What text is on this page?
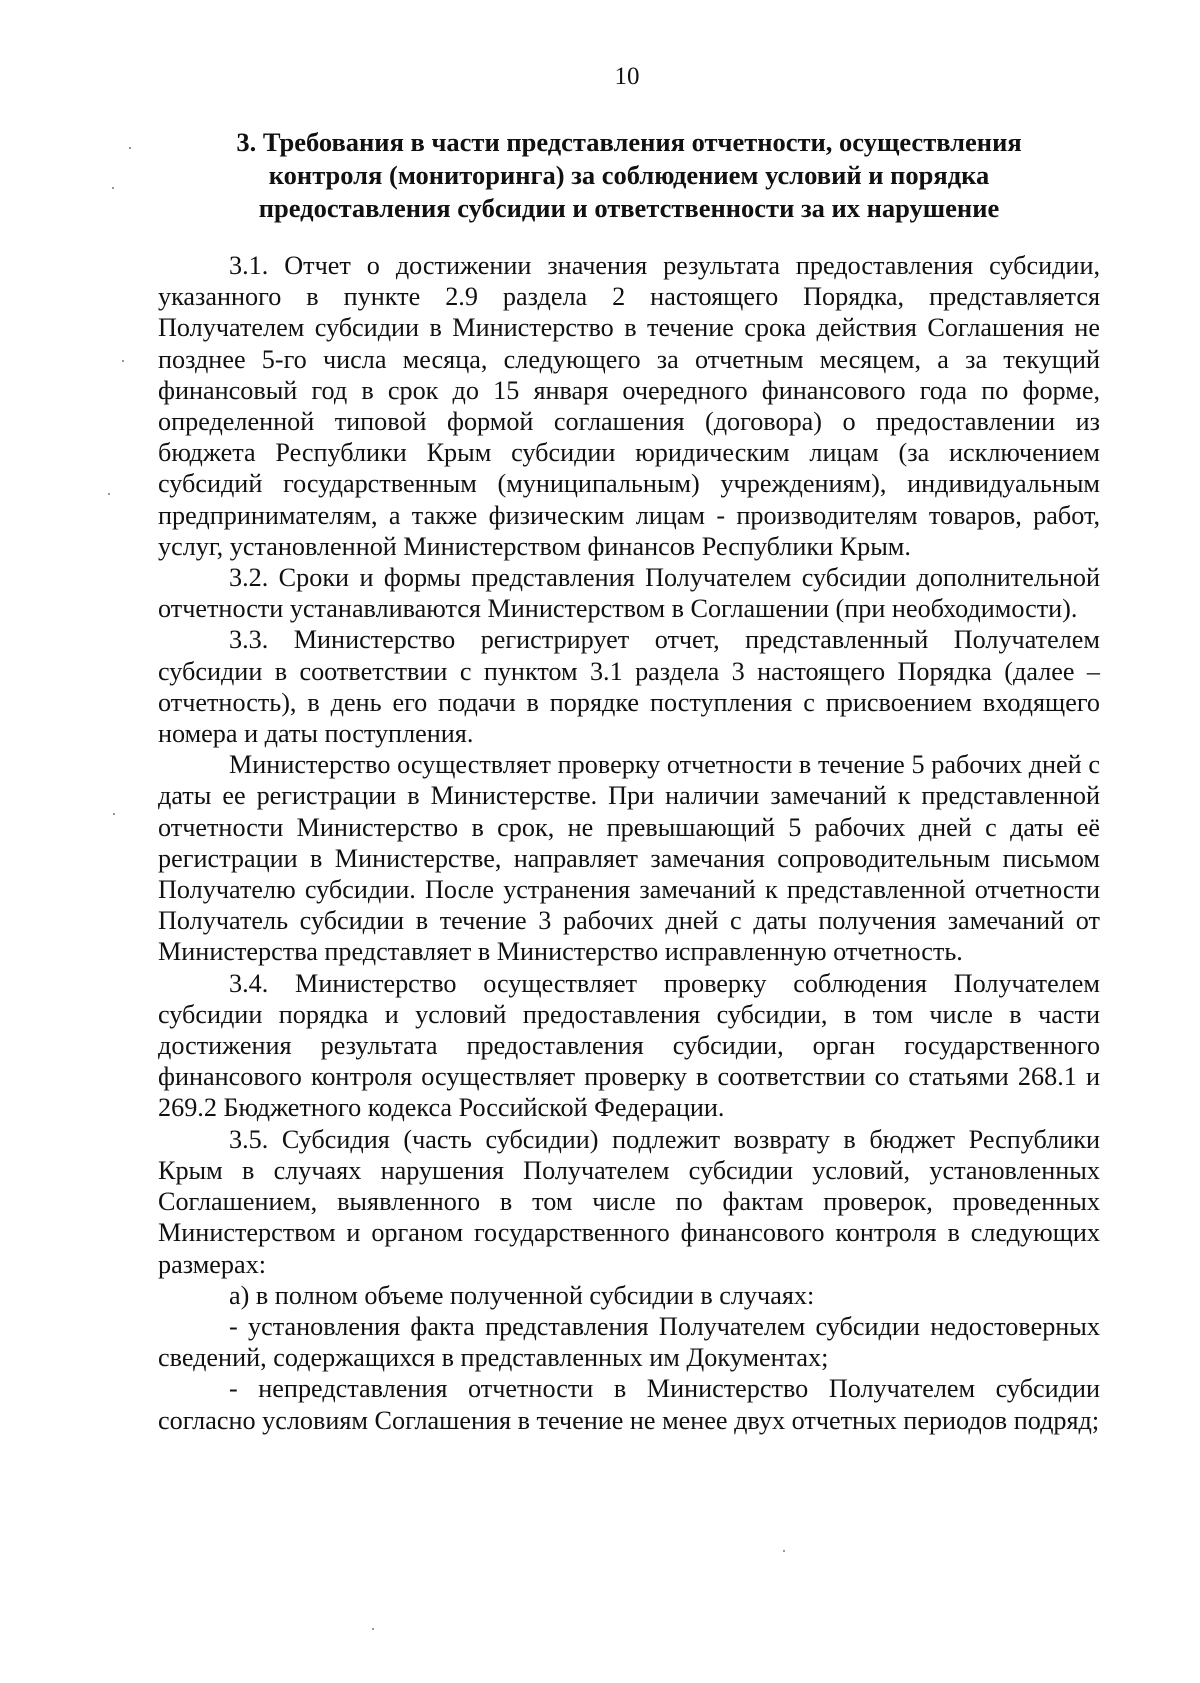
10
3. Требования в части представления отчетности, осуществления
контроля (мониторинга) за соблюдением условий и порядка
предоставления субсидии и ответственности за их нарушение

3.1. Отчет о достижении значения результата предоставления субсидии, указанного в пункте 2.9 раздела 2 настоящего Порядка, представляется Получателем субсидии в Министерство в течение срока действия Соглашения не позднее 5-го числа месяца, следующего за отчетным месяцем, а за текущий финансовый год в срок до 15 января очередного финансового года по форме, определенной типовой формой соглашения (договора) о предоставлении из бюджета Республики Крым субсидии юридическим лицам (за исключением субсидий государственным (муниципальным) учреждениям), индивидуальным предпринимателям, а также физическим лицам - производителям товаров, работ, услуг, установленной Министерством финансов Республики Крым.

3.2. Сроки и формы представления Получателем субсидии дополнительной отчетности устанавливаются Министерством в Соглашении (при необходимости).

3.3. Министерство регистрирует отчет, представленный Получателем субсидии в соответствии с пунктом 3.1 раздела 3 настоящего Порядка (далее – отчетность), в день его подачи в порядке поступления с присвоением входящего номера и даты поступления.

Министерство осуществляет проверку отчетности в течение 5 рабочих дней с даты ее регистрации в Министерстве. При наличии замечаний к представленной отчетности Министерство в срок, не превышающий 5 рабочих дней с даты её регистрации в Министерстве, направляет замечания сопроводительным письмом Получателю субсидии. После устранения замечаний к представленной отчетности Получатель субсидии в течение 3 рабочих дней с даты получения замечаний от Министерства представляет в Министерство исправленную отчетность.

3.4. Министерство осуществляет проверку соблюдения Получателем субсидии порядка и условий предоставления субсидии, в том числе в части достижения результата предоставления субсидии, орган государственного финансового контроля осуществляет проверку в соответствии со статьями 268.1 и 269.2 Бюджетного кодекса Российской Федерации.

3.5. Субсидия (часть субсидии) подлежит возврату в бюджет Республики Крым в случаях нарушения Получателем субсидии условий, установленных Соглашением, выявленного в том числе по фактам проверок, проведенных Министерством и органом государственного финансового контроля в следующих размерах:

а) в полном объеме полученной субсидии в случаях:

- установления факта представления Получателем субсидии недостоверных сведений, содержащихся в представленных им Документах;

- непредставления отчетности в Министерство Получателем субсидии согласно условиям Соглашения в течение не менее двух отчетных периодов подряд;
